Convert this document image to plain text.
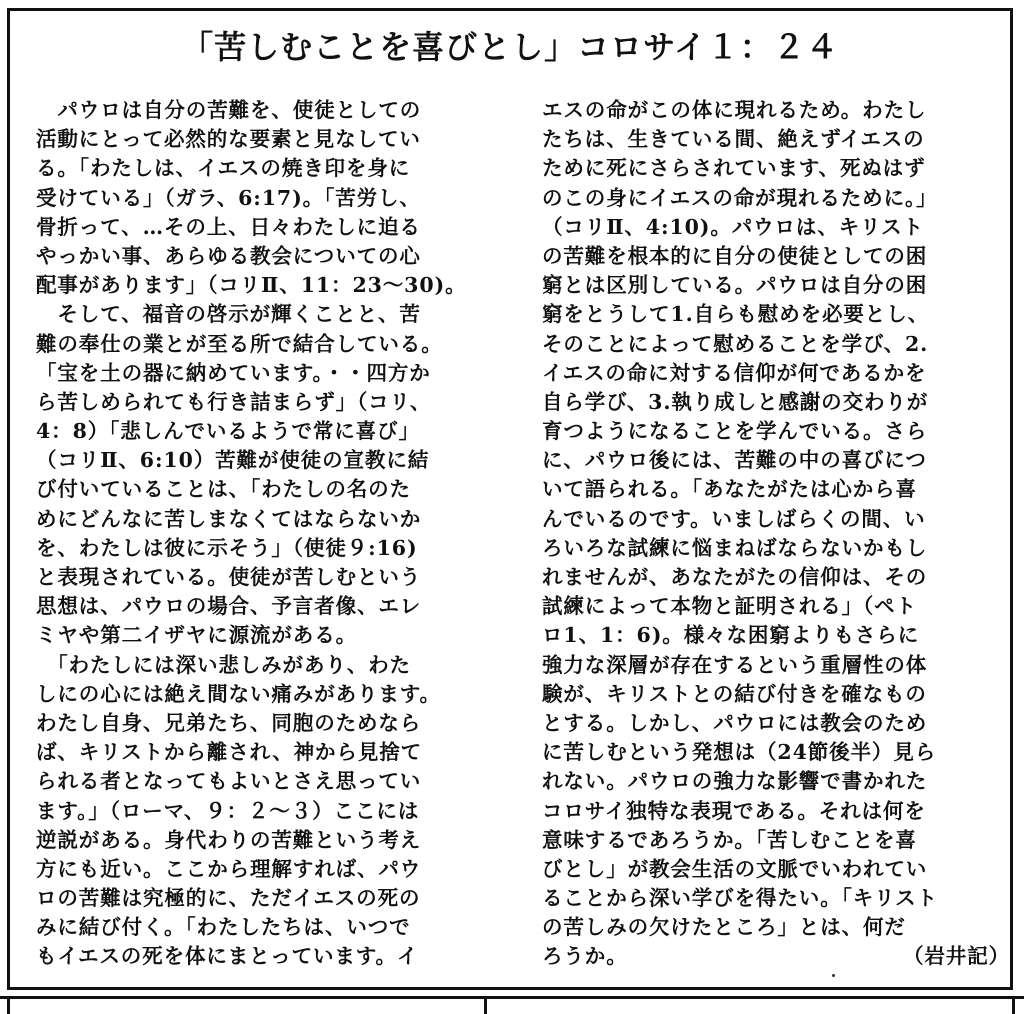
「苦しむことを喜びとし」コロサイ１：２４
　パウロは自分の苦難を、使徒としての
活動にとって必然的な要素と見なしてい
る。「わたしは、イエスの焼き印を身に
受けている」（ガラ、6:17)。「苦労し、
骨折って、…その上、日々わたしに迫る
やっかい事、あらゆる教会についての心
配事があります」（コリⅡ、11：23〜30)。
　そして、福音の啓示が輝くことと、苦
難の奉仕の業とが至る所で結合している。
「宝を土の器に納めています。・・四方か
ら苦しめられても行き詰まらず」（コリ、
4：8）「悲しんでいるようで常に喜び」
（コリⅡ、6:10）苦難が使徒の宣教に結
び付いていることは、「わたしの名のた
めにどんなに苦しまなくてはならないか
を、わたしは彼に示そう」（使徒９:16)
と表現されている。使徒が苦しむという
思想は、パウロの場合、予言者像、エレ
ミヤや第二イザヤに源流がある。
　「わたしには深い悲しみがあり、わた
しにの心には絶え間ない痛みがあります。
わたし自身、兄弟たち、同胞のためなら
ば、キリストから離され、神から見捨て
られる者となってもよいとさえ思ってい
ます。」（ローマ、９：２〜３）ここには
逆説がある。身代わりの苦難という考え
方にも近い。ここから理解すれば、パウ
ロの苦難は究極的に、ただイエスの死の
みに結び付く。「わたしたちは、いつで
もイエスの死を体にまとっています。イ
エスの命がこの体に現れるため。わたし
たちは、生きている間、絶えずイエスの
ために死にさらされています、死ぬはず
のこの身にイエスの命が現れるために。」
（コリⅡ、4:10)。パウロは、キリスト
の苦難を根本的に自分の使徒としての困
窮とは区別している。パウロは自分の困
窮をとうして1.自らも慰めを必要とし、
そのことによって慰めることを学び、2.
イエスの命に対する信仰が何であるかを
自ら学び、3.執り成しと感謝の交わりが
育つようになることを学んでいる。さら
に、パウロ後には、苦難の中の喜びにつ
いて語られる。「あなたがたは心から喜
んでいるのです。いましばらくの間、い
ろいろな試練に悩まねばならないかもし
れませんが、あなたがたの信仰は、その
試練によって本物と証明される」（ペト
ロ1、1：6)。様々な困窮よりもさらに
強力な深層が存在するという重層性の体
験が、キリストとの結び付きを確なもの
とする。しかし、パウロには教会のため
に苦しむという発想は（24節後半）見ら
れない。パウロの強力な影響で書かれた
コロサイ独特な表現である。それは何を
意味するであろうか。「苦しむことを喜
びとし」が教会生活の文脈でいわれてい
ることから深い学びを得たい。「キリスト
の苦しみの欠けたところ」とは、何だ
ろうか。	（岩井記）
